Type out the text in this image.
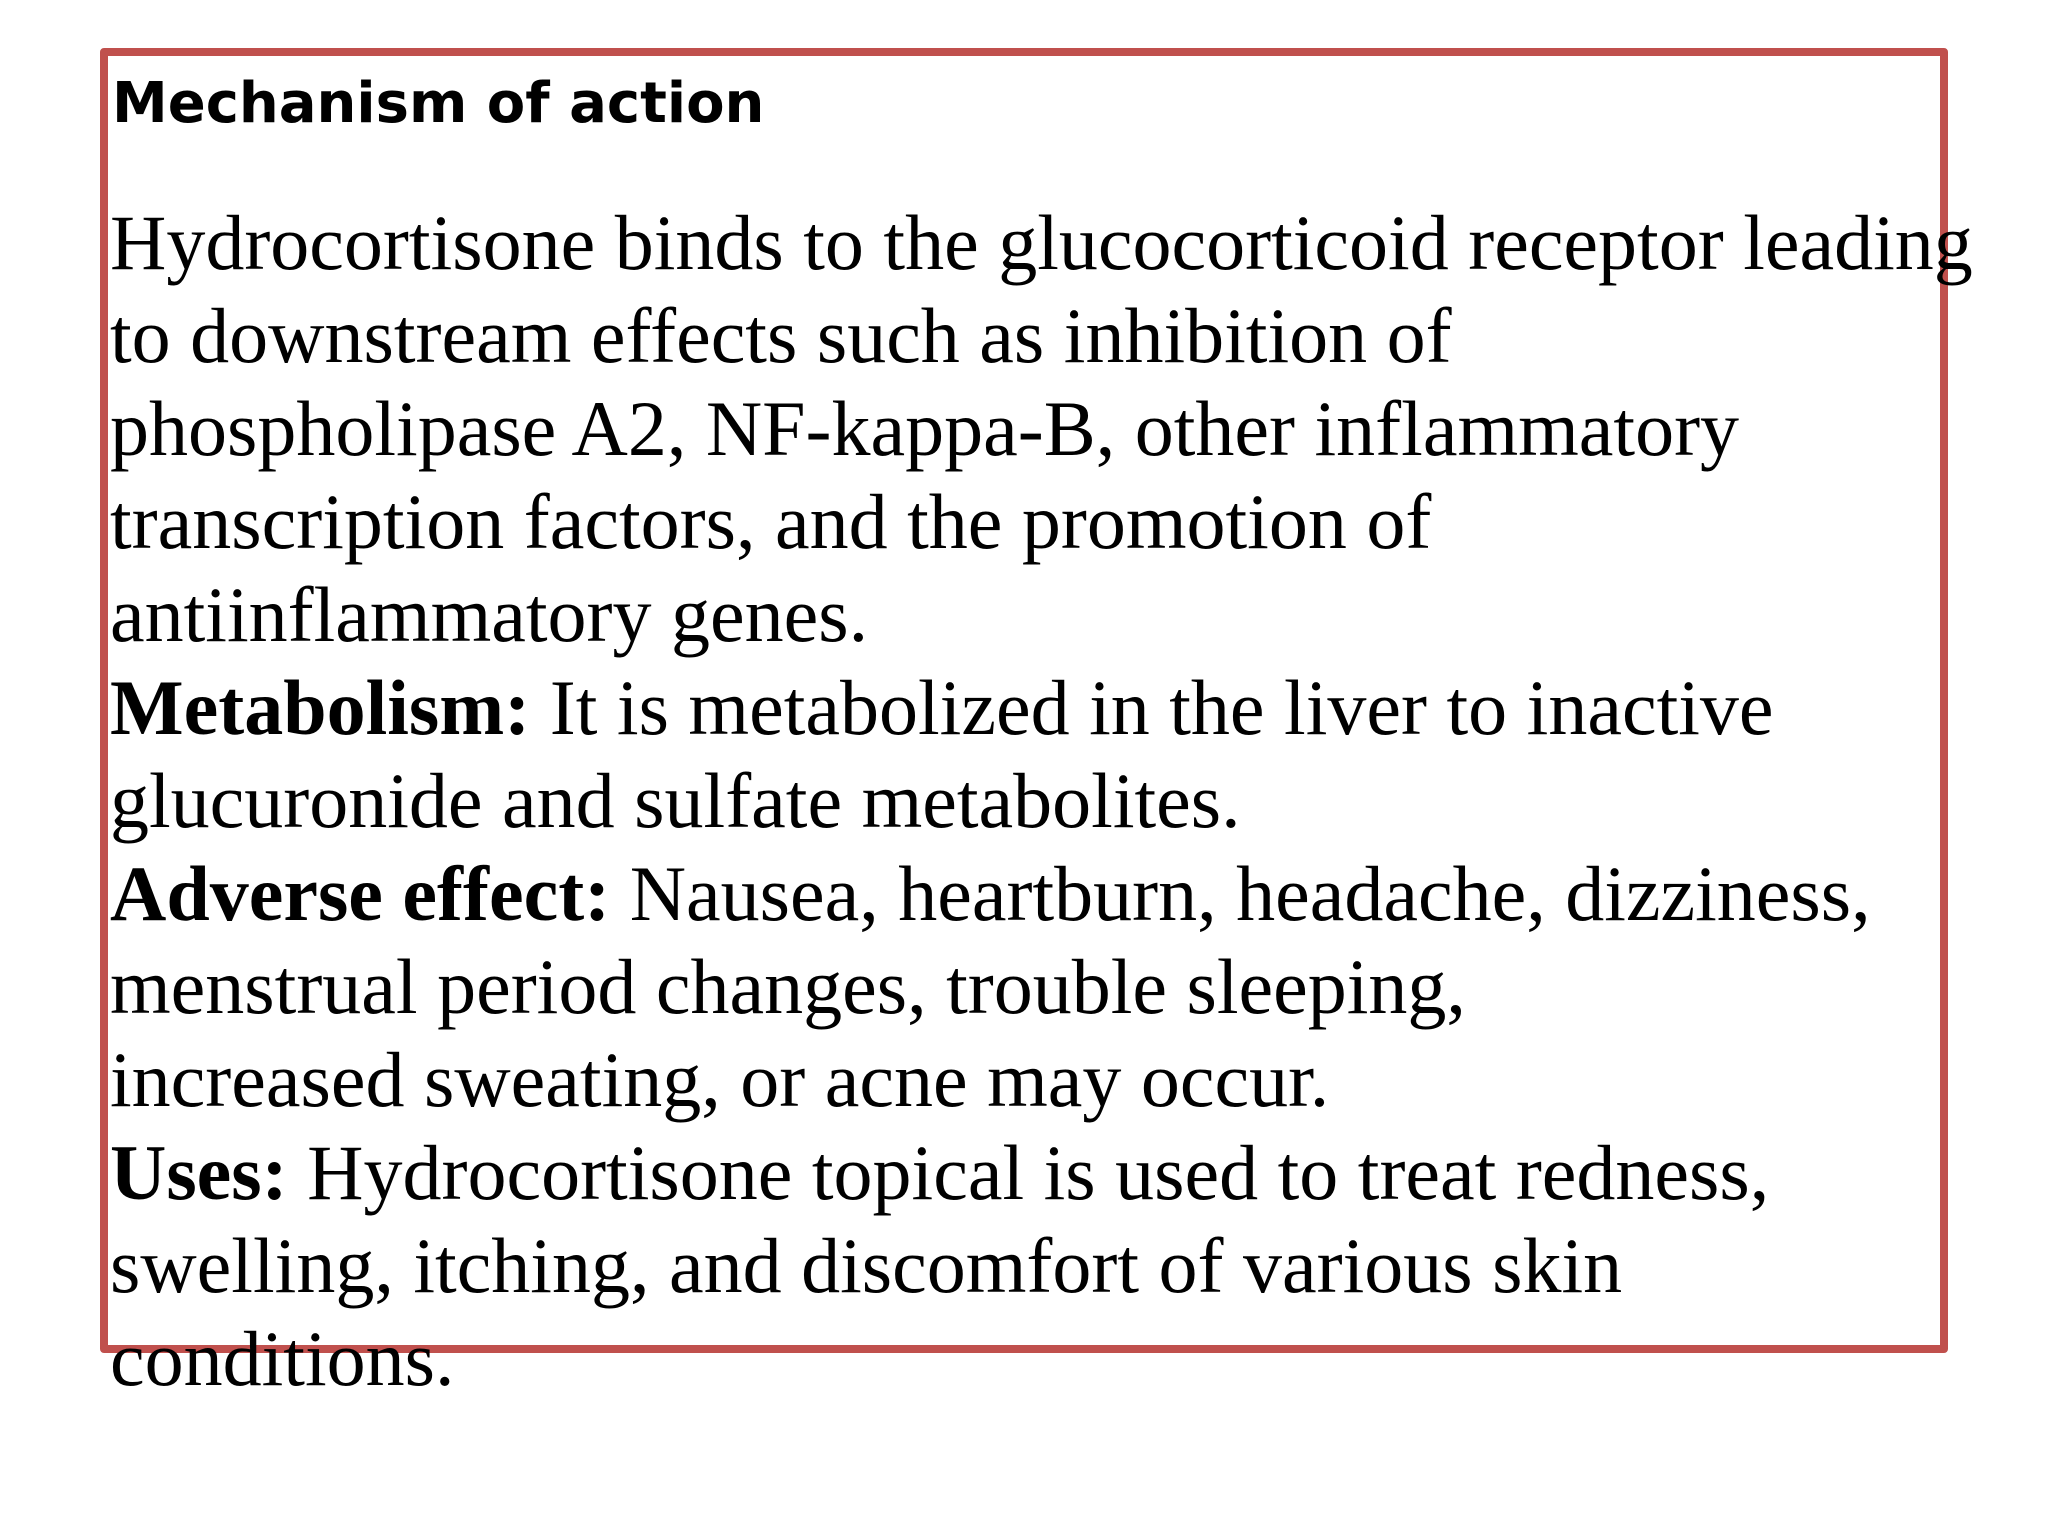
Mechanism of action

Hydrocortisone binds to the glucocorticoid receptor leading

to downstream effects such as inhibition of

phospholipase A2, NF-kappa-B, other inflammatory

transcription factors, and the promotion of

antiinflammatory genes.

Metabolism: It is metabolized in the liver to inactive

glucuronide and sulfate metabolites.

Adverse effect: Nausea, heartburn, headache, dizziness,

menstrual period changes, trouble sleeping,

increased sweating, or acne may occur.

Uses: Hydrocortisone topical is used to treat redness,

swelling, itching, and discomfort of various skin

conditions.
